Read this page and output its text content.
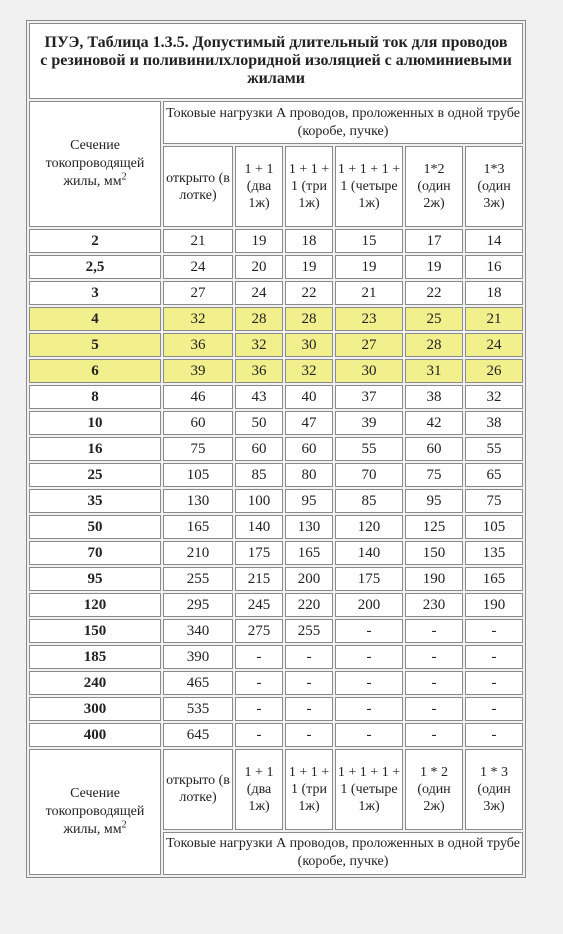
ПУЭ, Таблица 1.3.5. Допустимый длительный ток для проводов
с резиновой и поливинилхлоридной изоляцией с алюминиевыми жилами						
Сечение токопроводящей жилы, $мм^2$	Токовые нагрузки А проводов, проложенных в одной трубе (коробе, пучке)					
	открыто (в лотке)	1 + 1 (два 1ж)	1 + 1 + 1 (три 1ж)	1 + 1 + 1 + 1 (четыре 1ж)	1*2 (один 2ж)	1*3 (один 3ж)
2	21	19	18	15	17	14
2,5	24	20	19	19	19	16
3	27	24	22	21	22	18
4	32	28	28	23	25	21
5	36	32	30	27	28	24
6	39	36	32	30	31	26
8	46	43	40	37	38	32
10	60	50	47	39	42	38
16	75	60	60	55	60	55
25	105	85	80	70	75	65
35	130	100	95	85	95	75
50	165	140	130	120	125	105
70	210	175	165	140	150	135
95	255	215	200	175	190	165
120	295	245	220	200	230	190
150	340	275	255	-	-	-
185	390	-	-	-	-	-
240	465	-	-	-	-	-
300	535	-	-	-	-	-
400	645	-	-	-	-	-
Сечение токопроводящей жилы, $мм^2$	открыто (в лотке)	1 + 1 (два 1ж)	1 + 1 + 1 (три 1ж)	1 + 1 + 1 + 1 (четыре 1ж)	1 * 2 (один 2ж)	1 * 3 (один 3ж)
	Токовые нагрузки А проводов, проложенных в одной трубе (коробе, пучке)					
